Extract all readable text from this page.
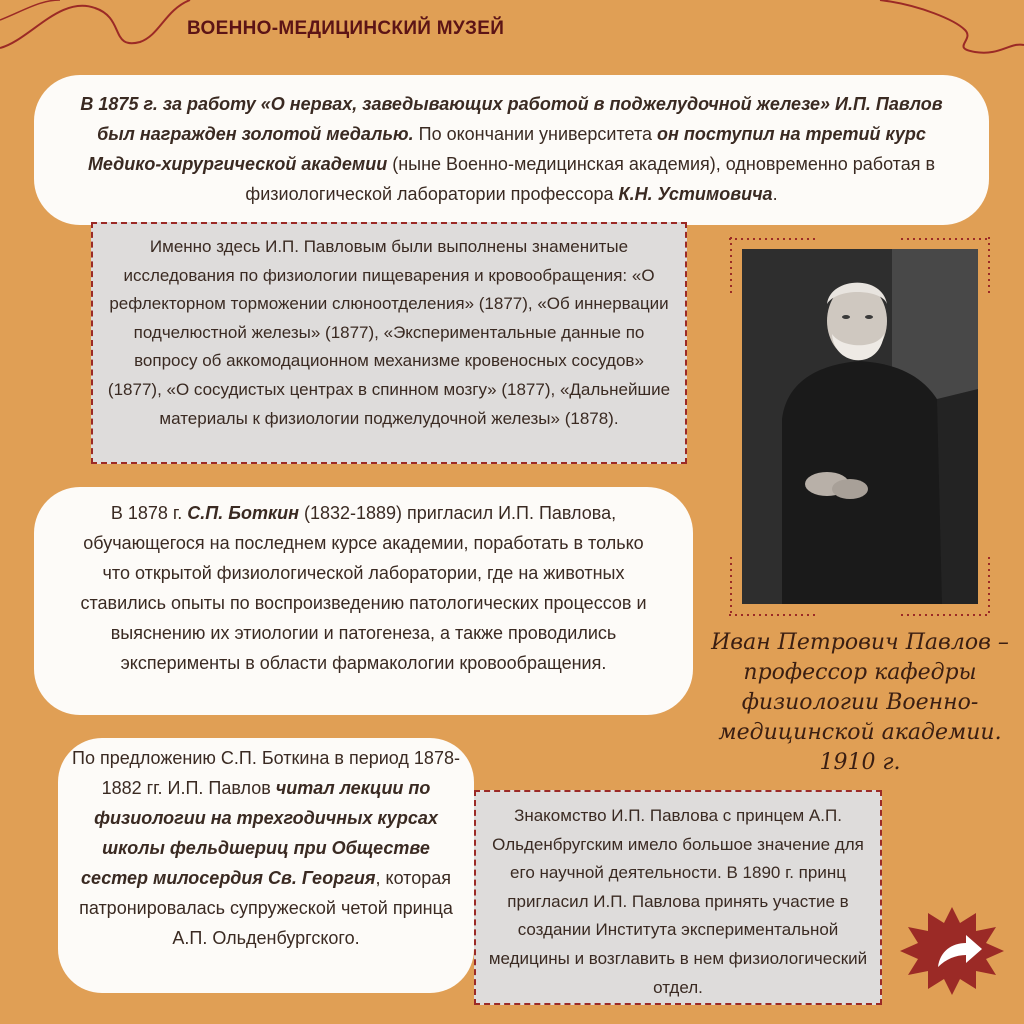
ВОЕННО-МЕДИЦИНСКИЙ МУЗЕЙ
В 1875 г. за работу «О нервах, заведывающих работой в поджелудочной железе» И.П. Павлов был награжден золотой медалью. По окончании университета он поступил на третий курс Медико-хирургической академии (ныне Военно-медицинская академия), одновременно работая в физиологической лаборатории профессора К.Н. Устимовича.
Именно здесь И.П. Павловым были выполнены знаменитые исследования по физиологии пищеварения и кровообращения: «О рефлекторном торможении слюноотделения» (1877), «Об иннервации подчелюстной железы» (1877), «Экспериментальные данные по вопросу об аккомодационном механизме кровеносных сосудов» (1877), «О сосудистых центрах в спинном мозгу» (1877), «Дальнейшие материалы к физиологии поджелудочной железы» (1878).
Иван Петрович Павлов – профессор кафедры физиологии Военно-медицинской академии. 1910 г.
В 1878 г. С.П. Боткин (1832-1889) пригласил И.П. Павлова, обучающегося на последнем курсе академии, поработать в только что открытой физиологической лаборатории, где на животных ставились опыты по воспроизведению патологических процессов и выяснению их этиологии и патогенеза, а также проводились эксперименты в области фармакологии кровообращения.
По предложению С.П. Боткина в период 1878-1882 гг. И.П. Павлов читал лекции по физиологии на трехгодичных курсах школы фельдшериц при Обществе сестер милосердия Св. Георгия, которая патронировалась супружеской четой принца А.П. Ольденбургского.
Знакомство И.П. Павлова с принцем А.П. Ольденбругским имело большое значение для его научной деятельности. В 1890 г. принц пригласил И.П. Павлова принять участие в создании Института экспериментальной медицины и возглавить в нем физиологический отдел.
